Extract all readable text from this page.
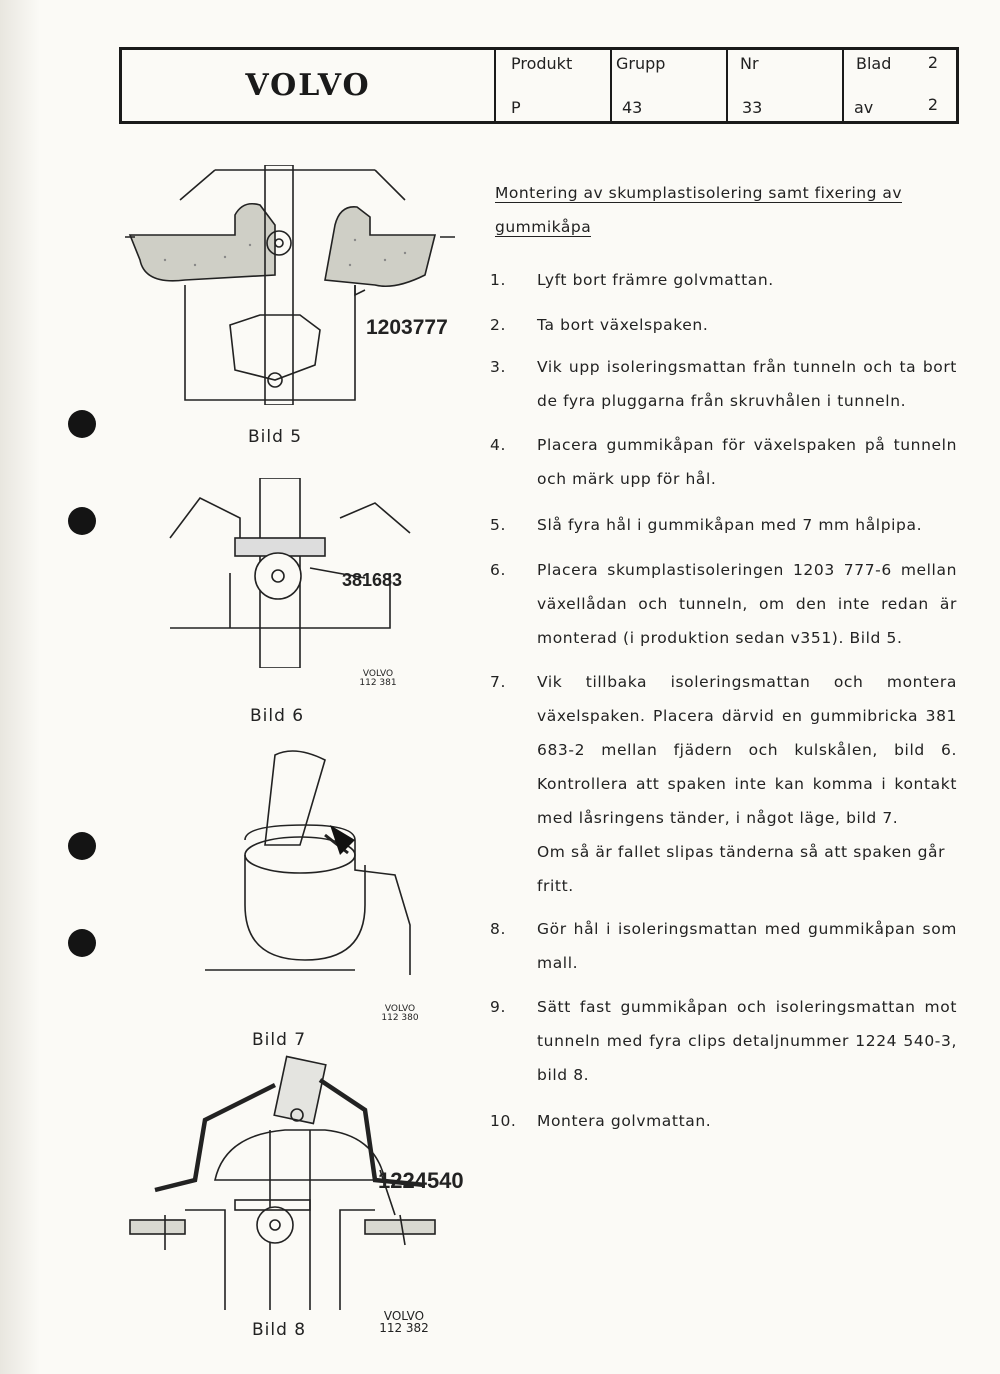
VOLVO
Produkt
P
Grupp
43
Nr
33
Blad 2
av	2
1203777
Bild 5
381683
VOLVO
112 381
Bild 6
VOLVO
112 380
Bild 7
1224540
VOLVO
112 382
Bild 8
Montering av skumplastisolering samt fixering av gummikåpa
1.	Lyft bort främre golvmattan.
2.	Ta bort växelspaken.
3.	Vik upp isoleringsmattan från tunneln och ta bort de fyra pluggarna från skruvhålen i tunneln.
4.	Placera gummikåpan för växelspaken på tunneln och märk upp för hål.
5.	Slå fyra hål i gummikåpan med 7 mm hålpipa.
6.	Placera skumplastisoleringen 1203 777-6 mellan växellådan och tunneln, om den inte redan är monterad (i produktion sedan v351). Bild 5.
7.	Vik tillbaka isoleringsmattan och montera växelspaken. Placera därvid en gummibricka 381 683-2 mellan fjädern och kulskålen, bild 6. Kontrollera att spaken inte kan komma i kontakt med låsringens tänder, i något läge, bild 7.
Om så är fallet slipas tänderna så att spaken går fritt.
8.	Gör hål i isoleringsmattan med gummikåpan som mall.
9.	Sätt fast gummikåpan och isoleringsmattan mot tunneln med fyra clips detaljnummer 1224 540-3, bild 8.
10.	Montera golvmattan.
